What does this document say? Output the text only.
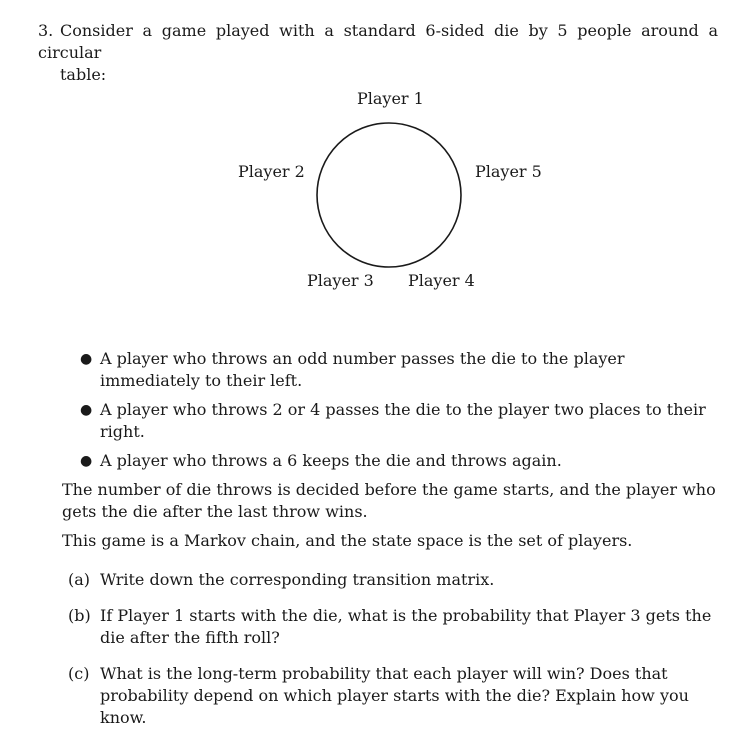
3. Consider a game played with a standard 6-sided die by 5 people around a circular
table:
Player 1
Player 2
Player 3 Player 4
Player 5
● A player who throws an odd number passes the die to the player immediately to their left.
● A player who throws 2 or 4 passes the die to the player two places to their right.
● A player who throws a 6 keeps the die and throws again.

The number of die throws is decided before the game starts, and the player who gets the die after the last throw wins.

This game is a Markov chain, and the state space is the set of players.

(a) Write down the corresponding transition matrix.
(b) If Player 1 starts with the die, what is the probability that Player 3 gets the die after the fifth roll?
(c) What is the long-term probability that each player will win? Does that probability depend on which player starts with the die? Explain how you know.
